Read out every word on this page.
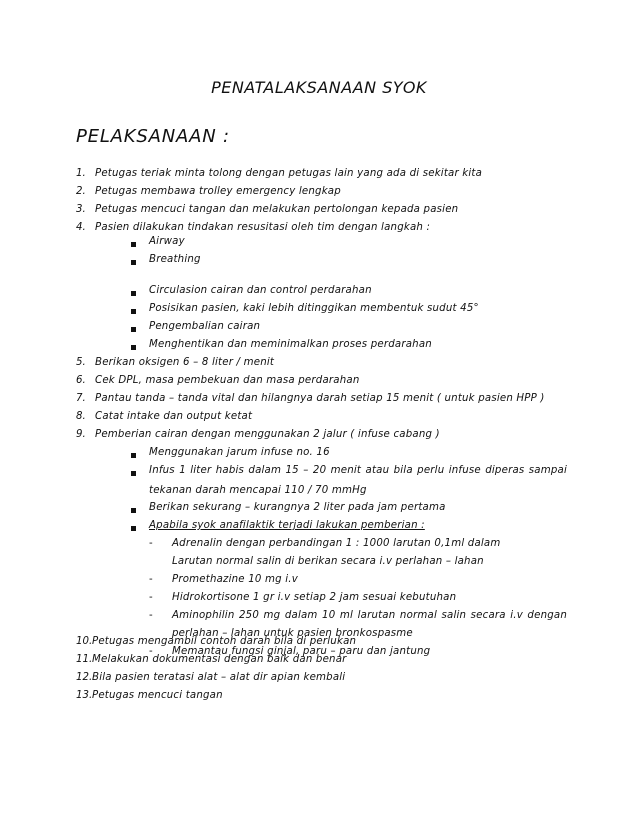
PENATALAKSANAAN SYOK
PELAKSANAAN :
1. Petugas teriak minta tolong dengan petugas lain yang ada di sekitar kita
2. Petugas membawa trolley emergency lengkap
3. Petugas mencuci tangan dan melakukan pertolongan kepada pasien
4. Pasien dilakukan tindakan resusitasi oleh tim dengan langkah :
Airway
Breathing
Circulasion cairan dan control perdarahan
Posisikan pasien, kaki lebih ditinggikan membentuk sudut 45°
Pengembalian cairan
Menghentikan dan meminimalkan proses perdarahan
5. Berikan oksigen 6 – 8 liter / menit
6. Cek DPL, masa pembekuan dan masa perdarahan
7. Pantau tanda – tanda vital dan hilangnya darah setiap 15 menit ( untuk pasien HPP )
8. Catat intake dan output ketat
9. Pemberian cairan dengan menggunakan 2 jalur ( infuse cabang )
Menggunakan jarum infuse no. 16
Infus 1 liter habis dalam 15 – 20 menit atau bila perlu infuse diperas sampai
tekanan darah mencapai 110 / 70 mmHg
Berikan sekurang – kurangnya 2 liter pada jam pertama
Apabila syok anafilaktik terjadi lakukan pemberian :
- Adrenalin dengan perbandingan 1 : 1000 larutan 0,1ml dalam
Larutan normal salin di berikan secara i.v perlahan – lahan
- Promethazine 10 mg i.v
- Hidrokortisone 1 gr i.v setiap 2 jam sesuai kebutuhan
- Aminophilin 250 mg dalam 10 ml larutan normal salin secara i.v dengan
perlahan – lahan untuk pasien bronkospasme
- Memantau fungsi ginjal, paru – paru dan jantung
10. Petugas mengambil contoh darah bila di perlukan
11. Melakukan dokumentasi dengan baik dan benar
12. Bila pasien teratasi alat – alat dir apian kembali
13. Petugas mencuci tangan
